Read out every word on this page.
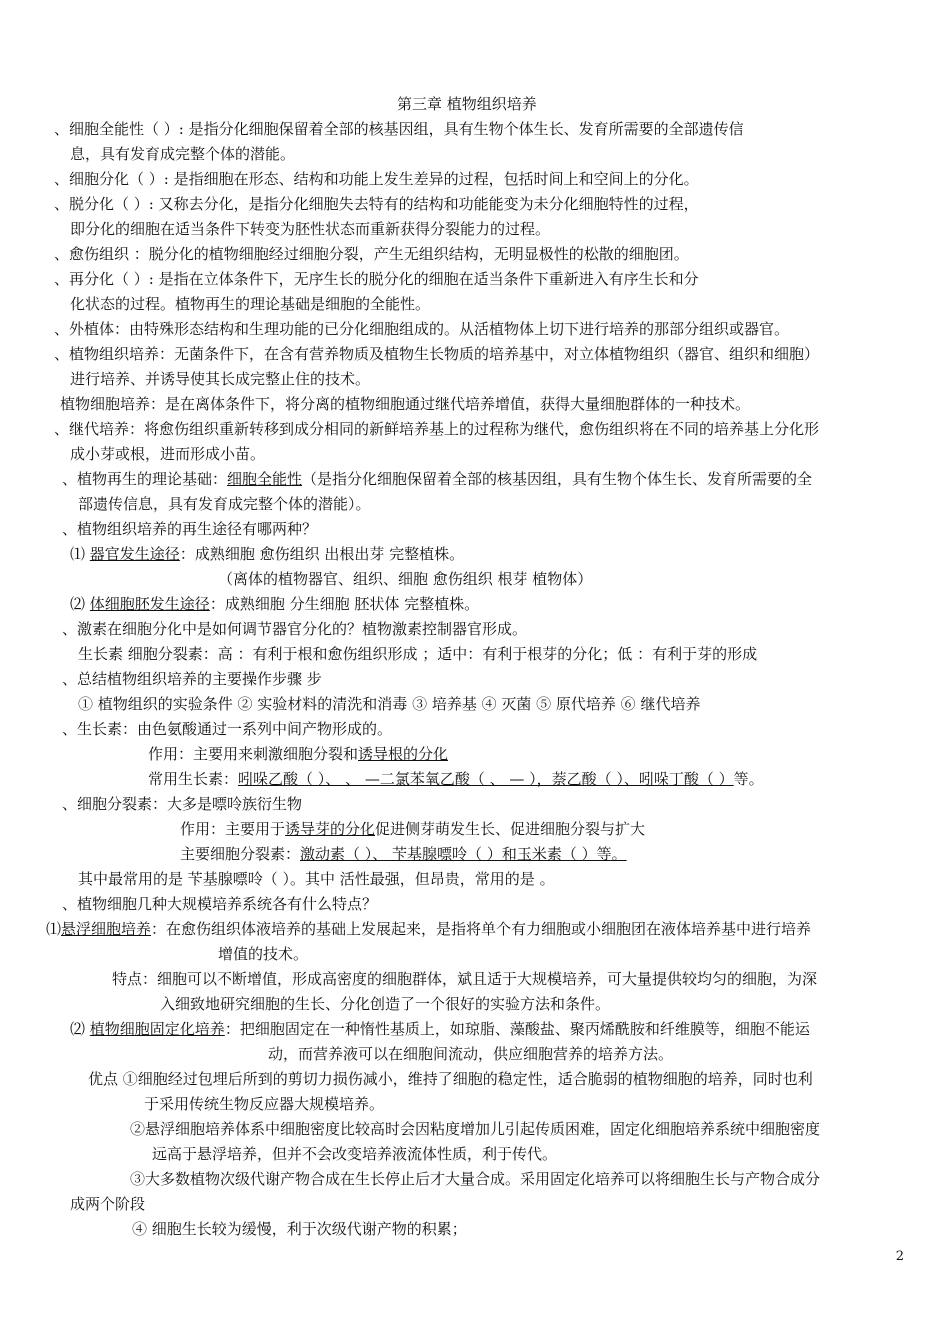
第三章 植物组织培养
、细胞全能性（ ）: 是指分化细胞保留着全部的核基因组，具有生物个体生长、发育所需要的全部遗传信
息，具有发育成完整个体的潜能。
、细胞分化（ ）: 是指细胞在形态、结构和功能上发生差异的过程，包括时间上和空间上的分化。
、脱分化（ ）: 又称去分化，是指分化细胞失去特有的结构和功能能变为未分化细胞特性的过程，
即分化的细胞在适当条件下转变为胚性状态而重新获得分裂能力的过程。
、愈伤组织 ：脱分化的植物细胞经过细胞分裂，产生无组织结构，无明显极性的松散的细胞团。
、再分化（ ）: 是指在立体条件下，无序生长的脱分化的细胞在适当条件下重新进入有序生长和分
化状态的过程。植物再生的理论基础是细胞的全能性。
、外植体：由特殊形态结构和生理功能的已分化细胞组成的。从活植物体上切下进行培养的那部分组织或器官。
、植物组织培养：无菌条件下，在含有营养物质及植物生长物质的培养基中，对立体植物组织（器官、组织和细胞）
进行培养、并诱导使其长成完整止住的技术。
植物细胞培养：是在离体条件下，将分离的植物细胞通过继代培养增值，获得大量细胞群体的一种技术。
、继代培养：将愈伤组织重新转移到成分相同的新鲜培养基上的过程称为继代，愈伤组织将在不同的培养基上分化形
成小芽或根，进而形成小苗。
、植物再生的理论基础：细胞全能性（是指分化细胞保留着全部的核基因组，具有生物个体生长、发育所需要的全
部遗传信息，具有发育成完整个体的潜能）。
、植物组织培养的再生途径有哪两种？
⑴ 器官发生途径：成熟细胞 愈伤组织 出根出芽 完整植株。
（离体的植物器官、组织、细胞 愈伤组织 根芽 植物体）
⑵ 体细胞胚发生途径：成熟细胞 分生细胞 胚状体 完整植株。
、激素在细胞分化中是如何调节器官分化的？植物激素控制器官形成。
生长素 细胞分裂素：高 ：有利于根和愈伤组织形成 ；适中：有利于根芽的分化；低 ：有利于芽的形成
、总结植物组织培养的主要操作步骤 步
① 植物组织的实验条件 ② 实验材料的清洗和消毒 ③ 培养基 ④ 灭菌 ⑤ 原代培养 ⑥ 继代培养
、生长素：由色氨酸通过一系列中间产物形成的。
作用：主要用来刺激细胞分裂和诱导根的分化
常用生长素：吲哚乙酸（ ）、 、 —二氯苯氧乙酸（ 、 — ），萘乙酸（ ）、吲哚丁酸（ ）等。
、细胞分裂素：大多是嘌呤族衍生物
作用：主要用于诱导芽的分化促进侧芽萌发生长、促进细胞分裂与扩大
主要细胞分裂素：激动素（ ）、 苄基腺嘌呤（ ）和玉米素（ ）等。
其中最常用的是 苄基腺嘌呤（ ）。其中 活性最强，但昂贵，常用的是 。
、植物细胞几种大规模培养系统各有什么特点？
⑴悬浮细胞培养：在愈伤组织体液培养的基础上发展起来，是指将单个有力细胞或小细胞团在液体培养基中进行培养
增值的技术。
特点：细胞可以不断增值，形成高密度的细胞群体，斌且适于大规模培养，可大量提供较均匀的细胞，为深
入细致地研究细胞的生长、分化创造了一个很好的实验方法和条件。
⑵ 植物细胞固定化培养：把细胞固定在一种惰性基质上，如琼脂、藻酸盐、聚丙烯酰胺和纤维膜等，细胞不能运
动，而营养液可以在细胞间流动，供应细胞营养的培养方法。
优点 ①细胞经过包埋后所到的剪切力损伤减小，维持了细胞的稳定性，适合脆弱的植物细胞的培养，同时也利
于采用传统生物反应器大规模培养。
②悬浮细胞培养体系中细胞密度比较高时会因粘度增加儿引起传质困难，固定化细胞培养系统中细胞密度
远高于悬浮培养，但并不会改变培养液流体性质，利于传代。
③大多数植物次级代谢产物合成在生长停止后才大量合成。采用固定化培养可以将细胞生长与产物合成分
成两个阶段
④ 细胞生长较为缓慢，利于次级代谢产物的积累；
2
